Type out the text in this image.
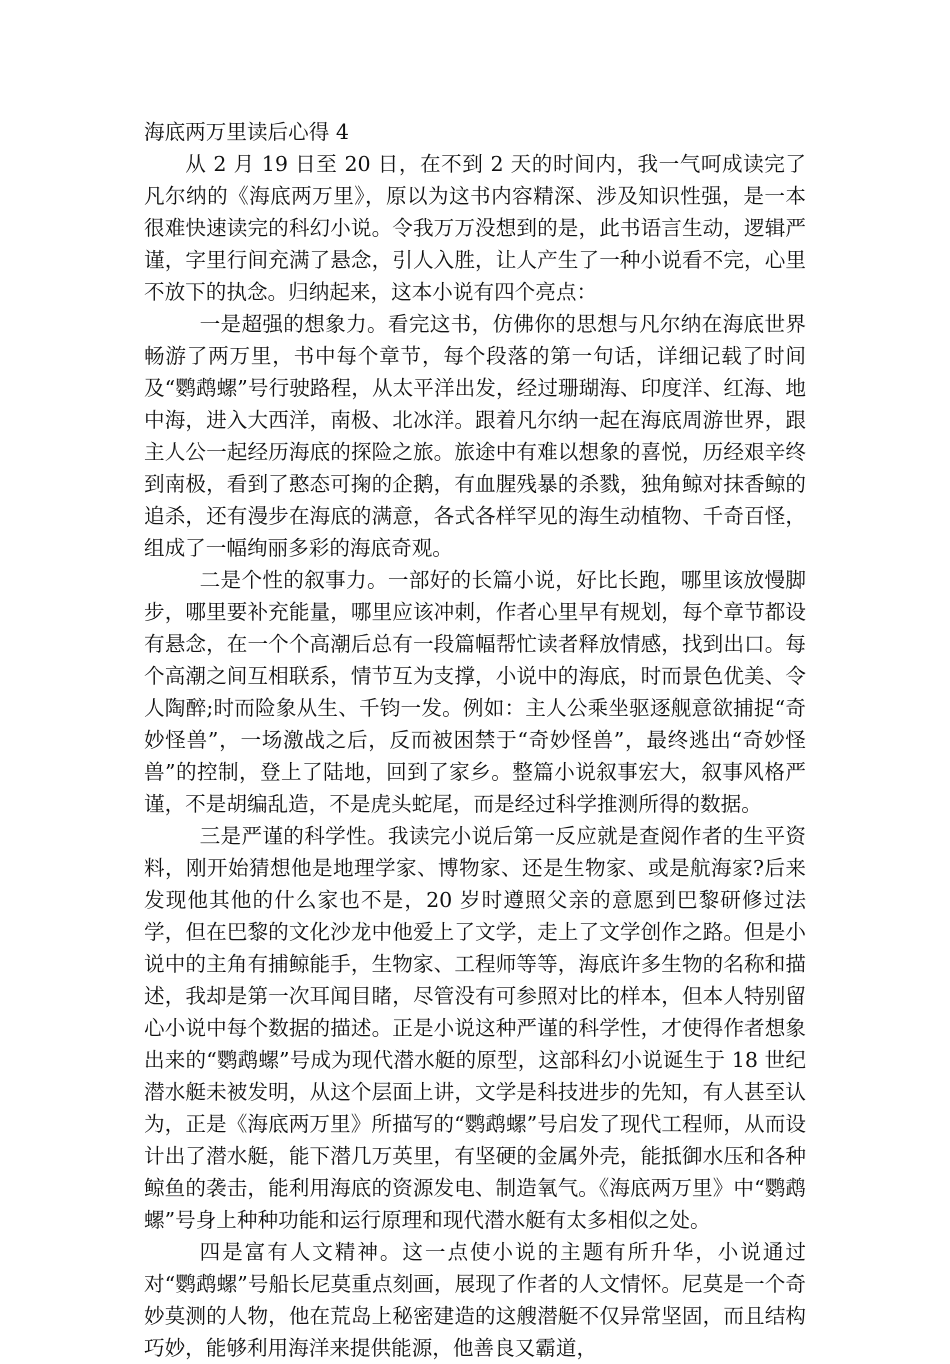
海底两万里读后心得 4

从 2 月 19 日至 20 日，在不到 2 天的时间内，我一气呵成读完了凡尔纳的《海底两万里》，原以为这书内容精深、涉及知识性强，是一本很难快速读完的科幻小说。令我万万没想到的是，此书语言生动，逻辑严谨，字里行间充满了悬念，引人入胜，让人产生了一种小说看不完，心里不放下的执念。归纳起来，这本小说有四个亮点：

一是超强的想象力。看完这书，仿佛你的思想与凡尔纳在海底世界畅游了两万里，书中每个章节，每个段落的第一句话，详细记载了时间及“鹦鹉螺”号行驶路程，从太平洋出发，经过珊瑚海、印度洋、红海、地中海，进入大西洋，南极、北冰洋。跟着凡尔纳一起在海底周游世界，跟主人公一起经历海底的探险之旅。旅途中有难以想象的喜悦，历经艰辛终到南极，看到了憨态可掬的企鹅，有血腥残暴的杀戮，独角鲸对抹香鲸的追杀，还有漫步在海底的满意，各式各样罕见的海生动植物、千奇百怪，组成了一幅绚丽多彩的海底奇观。

二是个性的叙事力。一部好的长篇小说，好比长跑，哪里该放慢脚步，哪里要补充能量，哪里应该冲刺，作者心里早有规划，每个章节都设有悬念，在一个个高潮后总有一段篇幅帮忙读者释放情感，找到出口。每个高潮之间互相联系，情节互为支撑，小说中的海底，时而景色优美、令人陶醉;时而险象从生、千钧一发。例如：主人公乘坐驱逐舰意欲捕捉“奇妙怪兽”，一场激战之后，反而被困禁于“奇妙怪兽”，最终逃出“奇妙怪兽”的控制，登上了陆地，回到了家乡。整篇小说叙事宏大，叙事风格严谨，不是胡编乱造，不是虎头蛇尾，而是经过科学推测所得的数据。

三是严谨的科学性。我读完小说后第一反应就是查阅作者的生平资料，刚开始猜想他是地理学家、博物家、还是生物家、或是航海家?后来发现他其他的什么家也不是，20 岁时遵照父亲的意愿到巴黎研修过法学，但在巴黎的文化沙龙中他爱上了文学，走上了文学创作之路。但是小说中的主角有捕鲸能手，生物家、工程师等等，海底许多生物的名称和描述，我却是第一次耳闻目睹，尽管没有可参照对比的样本，但本人特别留心小说中每个数据的描述。正是小说这种严谨的科学性，才使得作者想象出来的“鹦鹉螺”号成为现代潜水艇的原型，这部科幻小说诞生于 18 世纪潜水艇未被发明，从这个层面上讲，文学是科技进步的先知，有人甚至认为，正是《海底两万里》所描写的“鹦鹉螺”号启发了现代工程师，从而设计出了潜水艇，能下潜几万英里，有坚硬的金属外壳，能抵御水压和各种鲸鱼的袭击，能利用海底的资源发电、制造氧气。《海底两万里》中“鹦鹉螺”号身上种种功能和运行原理和现代潜水艇有太多相似之处。

四是富有人文精神。这一点使小说的主题有所升华，小说通过对“鹦鹉螺”号船长尼莫重点刻画，展现了作者的人文情怀。尼莫是一个奇妙莫测的人物，他在荒岛上秘密建造的这艘潜艇不仅异常坚固，而且结构巧妙，能够利用海洋来提供能源，他善良又霸道，
